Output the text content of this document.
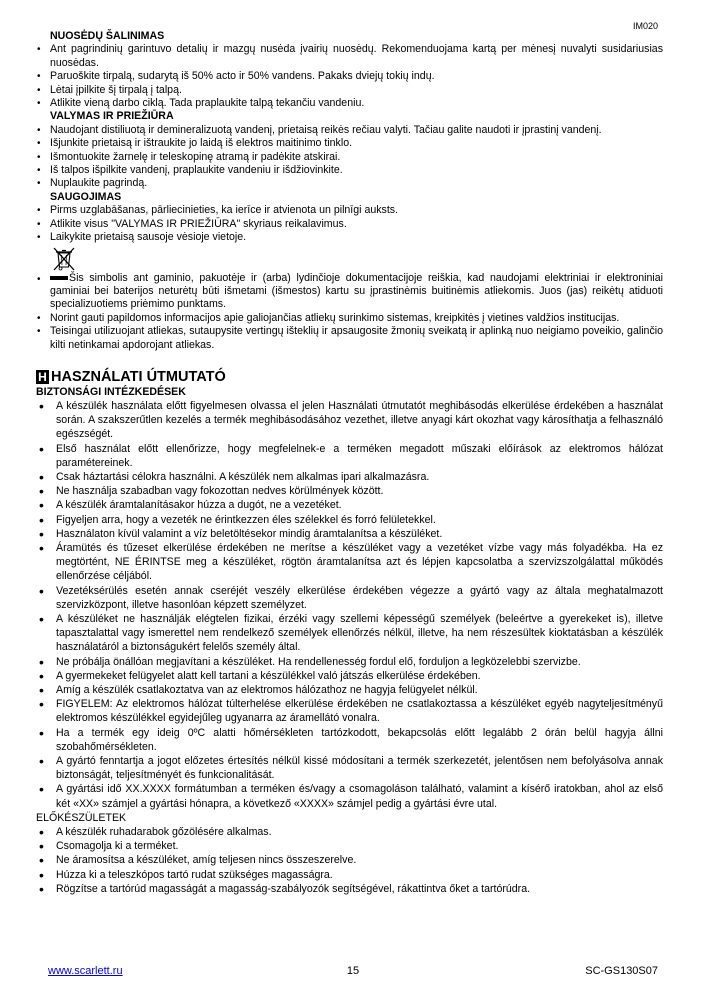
IM020
NUOSĖDŲ ŠALINIMAS
• Ant pagrindinių garintuvo detalių ir mazgų nusėda įvairių nuosėdų. Rekomenduojama kartą per mėnesį nuvalyti susidariusias nuosėdas.
• Paruoškite tirpalą, sudarytą iš 50% acto ir 50% vandens. Pakaks dviejų tokių indų.
• Lėtai įpilkite šį tirpalą į talpą.
• Atlikite vieną darbo ciklą. Tada praplaukite talpą tekančiu vandeniu.
VALYMAS IR PRIEŽIŪRA
• Naudojant distiliuotą ir demineralizuotą vandenį, prietaisą reikės rečiau valyti. Tačiau galite naudoti ir įprastinį vandenį.
• Išjunkite prietaisą ir ištraukite jo laidą iš elektros maitinimo tinklo.
• Išmontuokite žarnelę ir teleskopinę atramą ir padėkite atskirai.
• Iš talpos išpilkite vandenį, praplaukite vandeniu ir išdžiovinkite.
• Nuplaukite pagrindą.
SAUGOJIMAS
• Pirms uzglabāšanas, pārliecinieties, ka ierīce ir atvienota un pilnīgi auksts.
• Atlikite visus "VALYMAS IR PRIEŽIŪRA" skyriaus reikalavimus.
• Laikykite prietaisą sausoje vėsioje vietoje.
•	Šis simbolis ant gaminio, pakuotėje ir (arba) lydinčioje dokumentacijoje reiškia, kad naudojami elektriniai ir elektroniniai gaminiai bei baterijos neturėtų būti išmetami (išmestos) kartu su įprastinėmis buitinėmis atliekomis. Juos (jas) reikėtų atiduoti specializuotiems priėmimo punktams.
• Norint gauti papildomos informacijos apie galiojančias atliekų surinkimo sistemas, kreipkitės į vietines valdžios institucijas.
• Teisingai utilizuojant atliekas, sutaupysite vertingų išteklių ir apsaugosite žmonių sveikatą ir aplinką nuo neigiamo poveikio, galinčio kilti netinkamai apdorojant atliekas.
H HASZNÁLATI ÚTMUTATÓ
BIZTONSÁGI INTÉZKEDÉSEK
• A készülék használata előtt figyelmesen olvassa el jelen Használati útmutatót meghibásodás elkerülése érdekében a használat során. A szakszerűtlen kezelés a termék meghibásodásához vezethet, illetve anyagi kárt okozhat vagy károsíthatja a felhasználó egészségét.
• Első használat előtt ellenőrizze, hogy megfelelnek-e a terméken megadott műszaki előírások az elektromos hálózat paramétereinek.
• Csak háztartási célokra használni. A készülék nem alkalmas ipari alkalmazásra.
• Ne használja szabadban vagy fokozottan nedves körülmények között.
• A készülék áramtalanításakor húzza a dugót, ne a vezetéket.
• Figyeljen arra, hogy a vezeték ne érintkezzen éles szélekkel és forró felületekkel.
• Használaton kívül valamint a víz beletöltésekor mindig áramtalanítsa a készüléket.
• Áramütés és tűzeset elkerülése érdekében ne merítse a készüléket vagy a vezetéket vízbe vagy más folyadékba. Ha ez megtörtént, NE ÉRINTSE meg a készüléket, rögtön áramtalanítsa azt és lépjen kapcsolatba a szervizszolgálattal működés ellenőrzése céljából.
• Vezetéksérülés esetén annak cseréjét veszély elkerülése érdekében végezze a gyártó vagy az általa meghatalmazott szervizközpont, illetve hasonlóan képzett személyzet.
• A készüléket ne használják elégtelen fizikai, érzéki vagy szellemi képességű személyek (beleértve a gyerekeket is), illetve tapasztalattal vagy ismerettel nem rendelkező személyek ellenőrzés nélkül, illetve, ha nem részesültek kioktatásban a készülék használatáról a biztonságukért felelős személy által.
• Ne próbálja önállóan megjavítani a készüléket. Ha rendellenesség fordul elő, forduljon a legközelebbi szervizbe.
• A gyermekeket felügyelet alatt kell tartani a készülékkel való játszás elkerülése érdekében.
• Amíg a készülék csatlakoztatva van az elektromos hálózathoz ne hagyja felügyelet nélkül.
• FIGYELEM: Az elektromos hálózat túlterhelése elkerülése érdekében ne csatlakoztassa a készüléket egyéb nagyteljesítményű elektromos készülékkel egyidejűleg ugyanarra az áramellátó vonalra.
• Ha a termék egy ideig 0ºC alatti hőmérsékleten tartózkodott, bekapcsolás előtt legalább 2 órán belül hagyja állni szobahőmérsékleten.
• A gyártó fenntartja a jogot előzetes értesítés nélkül kissé módosítani a termék szerkezetét, jelentősen nem befolyásolva annak biztonságát, teljesítményét és funkcionalitását.
• A gyártási idő XX.XXXX formátumban a terméken és/vagy a csomagoláson található, valamint a kísérő iratokban, ahol az első két «XX» számjel a gyártási hónapra, a következő «XXXX» számjel pedig a gyártási évre utal.
ELŐKÉSZÜLETEK
• A készülék ruhadarabok gőzölésére alkalmas.
• Csomagolja ki a terméket.
• Ne áramosítsa a készüléket, amíg teljesen nincs összeszerelve.
• Húzza ki a teleszkópos tartó rudat szükséges magasságra.
• Rögzítse a tartórúd magasságát a magasság-szabályozók segítségével, rákattintva őket a tartórúdra.
www.scarlett.ru	15	SC-GS130S07
